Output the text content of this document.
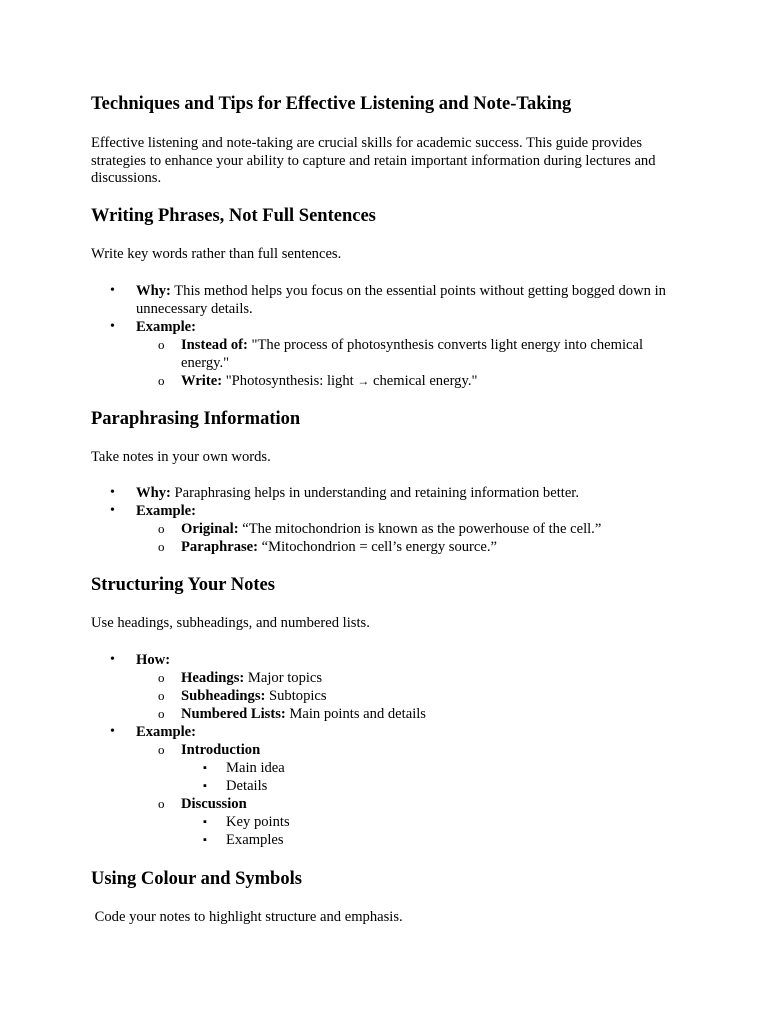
Techniques and Tips for Effective Listening and Note-Taking

Effective listening and note-taking are crucial skills for academic success. This guide provides strategies to enhance your ability to capture and retain important information during lectures and discussions.

Writing Phrases, Not Full Sentences

Write key words rather than full sentences.

• Why: This method helps you focus on the essential points without getting bogged down in unnecessary details.
• Example:
o Instead of: "The process of photosynthesis converts light energy into chemical energy."
o Write: "Photosynthesis: light → chemical energy."
Paraphrasing Information

Take notes in your own words.

• Why: Paraphrasing helps in understanding and retaining information better.
• Example:
o Original: “The mitochondrion is known as the powerhouse of the cell.”
o Paraphrase: “Mitochondrion = cell’s energy source.”
Structuring Your Notes

Use headings, subheadings, and numbered lists.

• How:
o Headings: Major topics
o Subheadings: Subtopics
o Numbered Lists: Main points and details
• Example:
o Introduction
▪ Main idea
▪ Details
o Discussion
▪ Key points
▪ Examples
Using Colour and Symbols

Code your notes to highlight structure and emphasis.
